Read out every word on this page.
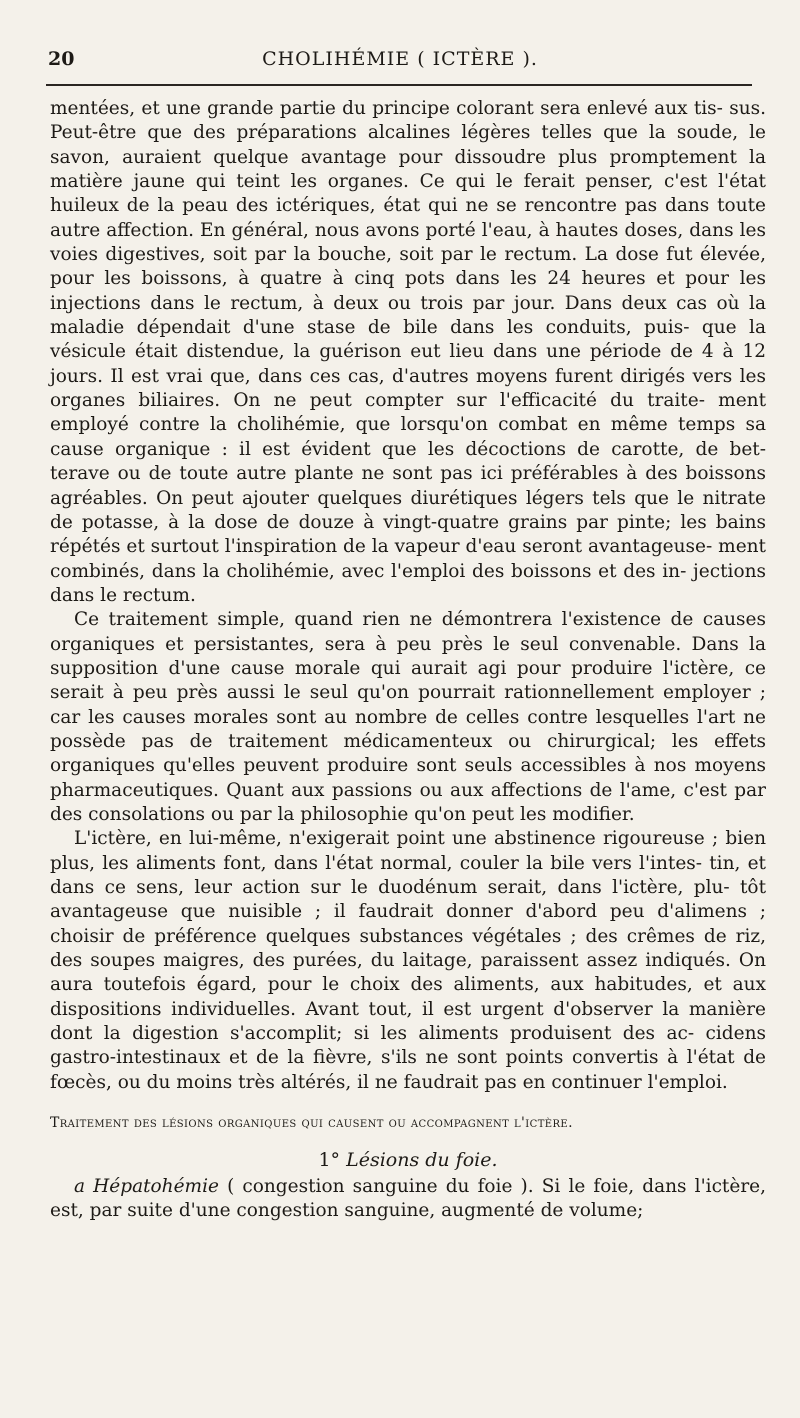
20	CHOLIHÉMIE ( ICTÈRE ).

mentées, et une grande partie du principe colorant sera enlevé aux tis- sus. Peut-être que des préparations alcalines légères telles que la soude, le savon, auraient quelque avantage pour dissoudre plus promptement la matière jaune qui teint les organes. Ce qui le ferait penser, c'est l'état huileux de la peau des ictériques, état qui ne se rencontre pas dans toute autre affection. En général, nous avons porté l'eau, à hautes doses, dans les voies digestives, soit par la bouche, soit par le rectum. La dose fut élevée, pour les boissons, à quatre à cinq pots dans les 24 heures et pour les injections dans le rectum, à deux ou trois par jour. Dans deux cas où la maladie dépendait d'une stase de bile dans les conduits, puis- que la vésicule était distendue, la guérison eut lieu dans une période de 4 à 12 jours. Il est vrai que, dans ces cas, d'autres moyens furent dirigés vers les organes biliaires. On ne peut compter sur l'efficacité du traite- ment employé contre la cholihémie, que lorsqu'on combat en même temps sa cause organique : il est évident que les décoctions de carotte, de bet- terave ou de toute autre plante ne sont pas ici préférables à des boissons agréables. On peut ajouter quelques diurétiques légers tels que le nitrate de potasse, à la dose de douze à vingt-quatre grains par pinte; les bains répétés et surtout l'inspiration de la vapeur d'eau seront avantageuse- ment combinés, dans la cholihémie, avec l'emploi des boissons et des in- jections dans le rectum.

Ce traitement simple, quand rien ne démontrera l'existence de causes organiques et persistantes, sera à peu près le seul convenable. Dans la supposition d'une cause morale qui aurait agi pour produire l'ictère, ce serait à peu près aussi le seul qu'on pourrait rationnellement employer ; car les causes morales sont au nombre de celles contre lesquelles l'art ne possède pas de traitement médicamenteux ou chirurgical; les effets organiques qu'elles peuvent produire sont seuls accessibles à nos moyens pharmaceutiques. Quant aux passions ou aux affections de l'ame, c'est par des consolations ou par la philosophie qu'on peut les modifier.

L'ictère, en lui-même, n'exigerait point une abstinence rigoureuse ; bien plus, les aliments font, dans l'état normal, couler la bile vers l'intes- tin, et dans ce sens, leur action sur le duodénum serait, dans l'ictère, plu- tôt avantageuse que nuisible ; il faudrait donner d'abord peu d'alimens ; choisir de préférence quelques substances végétales ; des crêmes de riz, des soupes maigres, des purées, du laitage, paraissent assez indiqués. On aura toutefois égard, pour le choix des aliments, aux habitudes, et aux dispositions individuelles. Avant tout, il est urgent d'observer la manière dont la digestion s'accomplit; si les aliments produisent des ac- cidens gastro-intestinaux et de la fièvre, s'ils ne sont points convertis à l'état de fœcès, ou du moins très altérés, il ne faudrait pas en continuer l'emploi.

Traitement des lésions organiques qui causent ou accompagnent l'ictère.

1° Lésions du foie.

a Hépatohémie ( congestion sanguine du foie ). Si le foie, dans l'ictère, est, par suite d'une congestion sanguine, augmenté de volume;
